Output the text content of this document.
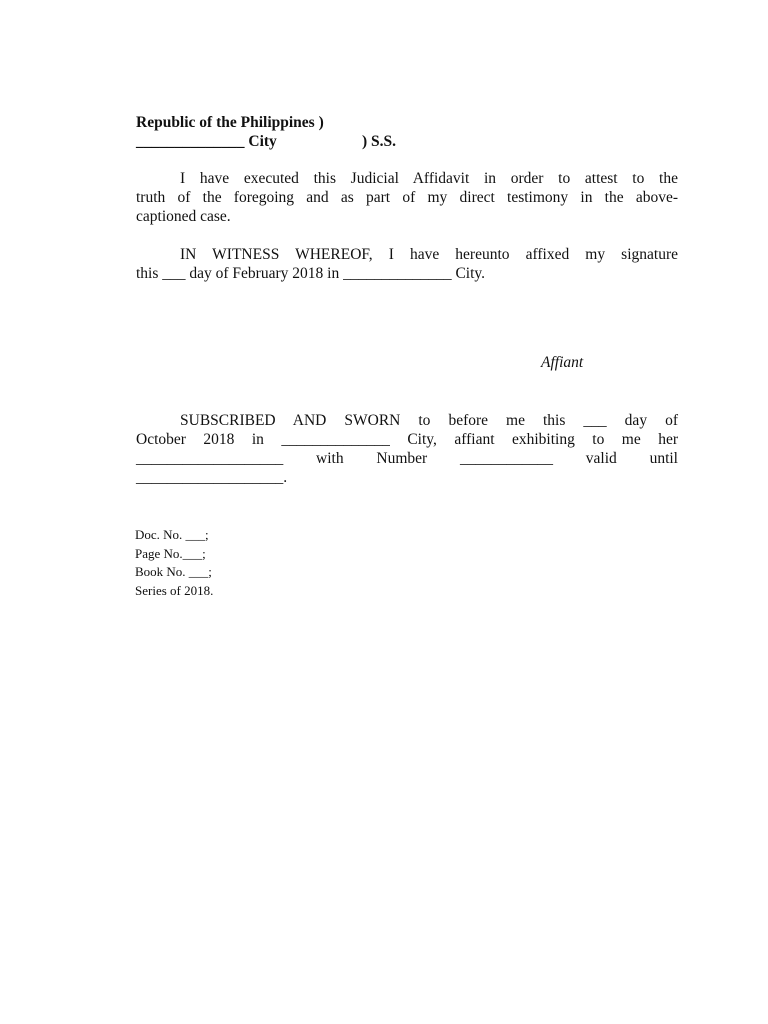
Republic of the Philippines )
______________ City	) S.S.
I have executed this Judicial Affidavit in order to attest to the
truth of the foregoing and as part of my direct testimony in the above-
captioned case.
IN WITNESS WHEREOF, I have hereunto affixed my signature
this ___ day of February 2018 in ______________ City.
Affiant
SUBSCRIBED AND SWORN to before me this ___ day of
October 2018 in ______________ City, affiant exhibiting to me her
___________________ with Number ____________ valid until
___________________.
Doc. No. ___;
Page No.___;
Book No. ___;
Series of 2018.
